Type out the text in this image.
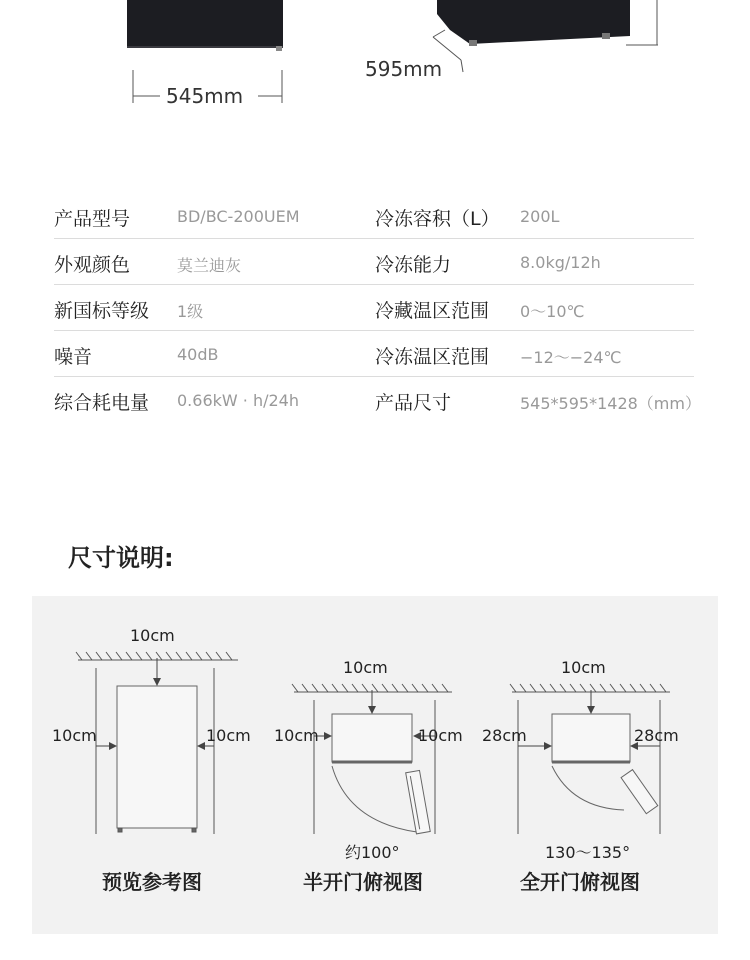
545mm
595mm
产品型号	BD/BC-200UEM	冷冻容积（L） 200L
外观颜色	莫兰迪灰	冷冻能力	8.0kg/12h
新国标等级 1级	冷藏温区范围 0～10℃
噪音	40dB	冷冻温区范围 −12～−24℃
综合耗电量 0.66kW · h/24h	产品尺寸	545*595*1428（mm）
尺寸说明:
10cm
10cm	10cm
预览参考图
10cm
10cm	10cm
约100°
半开门俯视图
10cm
28cm	28cm
130～135°
全开门俯视图
